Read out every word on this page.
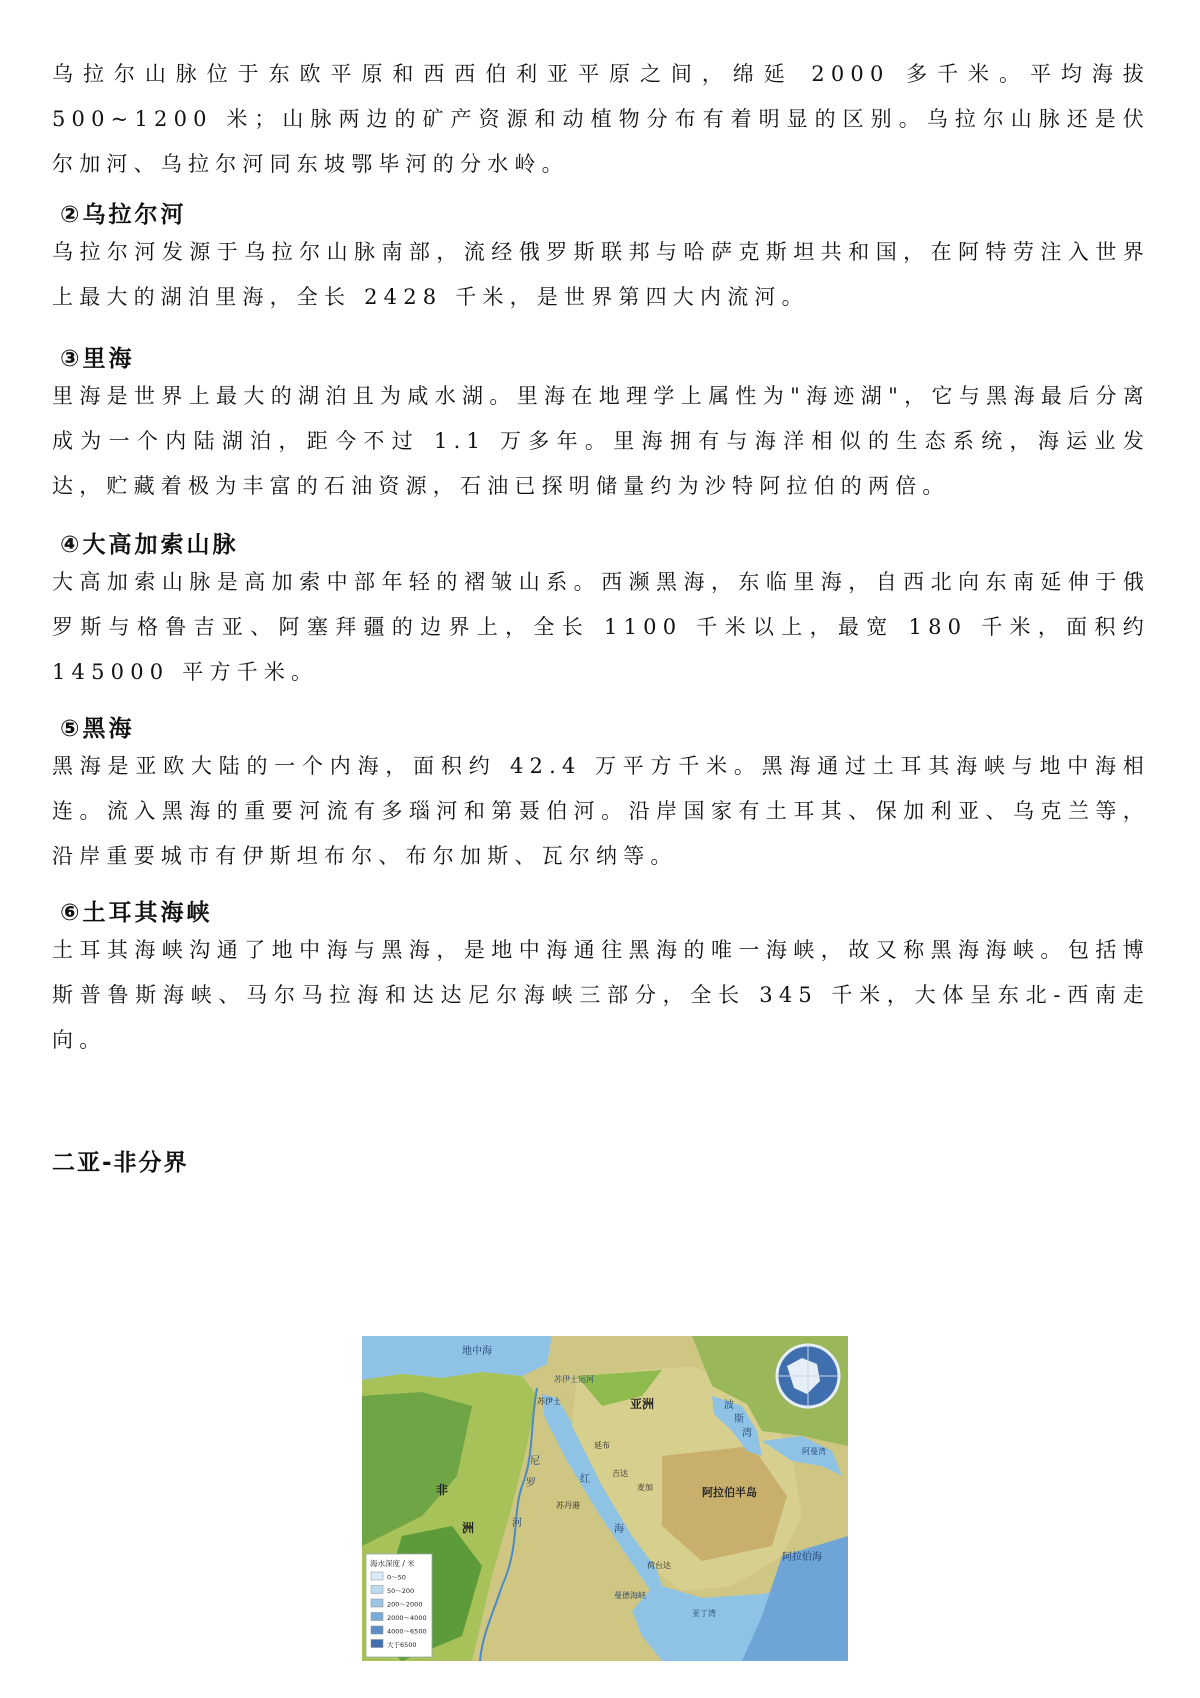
乌拉尔山脉位于东欧平原和西西伯利亚平原之间，绵延 2000 多千米。平均海拔 500~1200 米；山脉两边的矿产资源和动植物分布有着明显的区别。乌拉尔山脉还是伏尔加河、乌拉尔河同东坡鄂毕河的分水岭。

②乌拉尔河

乌拉尔河发源于乌拉尔山脉南部，流经俄罗斯联邦与哈萨克斯坦共和国，在阿特劳注入世界上最大的湖泊里海，全长 2428 千米，是世界第四大内流河。

③里海

里海是世界上最大的湖泊且为咸水湖。里海在地理学上属性为"海迹湖"，它与黑海最后分离成为一个内陆湖泊，距今不过 1.1 万多年。里海拥有与海洋相似的生态系统，海运业发达，贮藏着极为丰富的石油资源，石油已探明储量约为沙特阿拉伯的两倍。

④大高加索山脉

大高加索山脉是高加索中部年轻的褶皱山系。西濒黑海，东临里海，自西北向东南延伸于俄罗斯与格鲁吉亚、阿塞拜疆的边界上，全长 1100 千米以上，最宽 180 千米，面积约 145000 平方千米。

⑤黑海

黑海是亚欧大陆的一个内海，面积约 42.4 万平方千米。黑海通过土耳其海峡与地中海相连。流入黑海的重要河流有多瑙河和第聂伯河。沿岸国家有土耳其、保加利亚、乌克兰等，沿岸重要城市有伊斯坦布尔、布尔加斯、瓦尔纳等。

⑥土耳其海峡

土耳其海峡沟通了地中海与黑海，是地中海通往黑海的唯一海峡，故又称黑海海峡。包括博斯普鲁斯海峡、马尔马拉海和达达尼尔海峡三部分，全长 345 千米，大体呈东北-西南走向。

二亚-非分界
地中海
苏伊士运河
苏伊士	亚洲	波
斯
湾
阿曼湾
非
洲
尼
罗
河
红
海
延布
吉达
麦加
苏丹港
阿拉伯半岛
荷台达
曼德海峡
亚丁湾
阿拉伯海
海水深度 / 米
0～50
50～200
200～2000
2000～4000
4000～6500
大于6500
